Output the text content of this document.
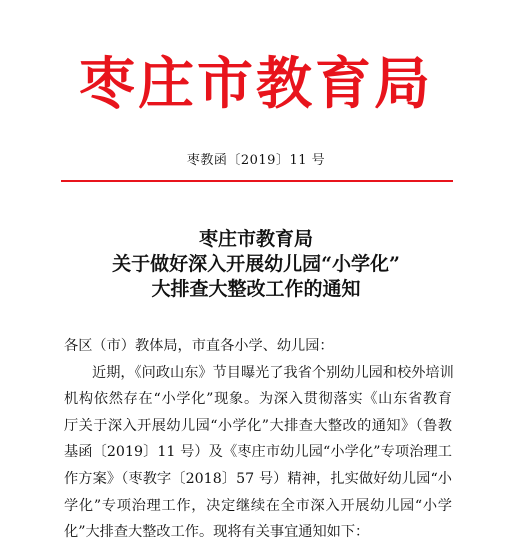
枣庄市教育局
枣教函〔2019〕11 号
枣庄市教育局
关于做好深入开展幼儿园“小学化”
大排查大整改工作的通知
各区（市）教体局，市直各小学、幼儿园：
近期，《问政山东》节目曝光了我省个别幼儿园和校外培训
机构依然存在“小学化”现象。为深入贯彻落实《山东省教育
厅关于深入开展幼儿园“小学化”大排查大整改的通知》（鲁教
基函〔2019〕11 号）及《枣庄市幼儿园“小学化”专项治理工
作方案》（枣教字〔2018〕57 号）精神，扎实做好幼儿园“小
学化”专项治理工作，决定继续在全市深入开展幼儿园“小学
化”大排查大整改工作。现将有关事宜通知如下：
